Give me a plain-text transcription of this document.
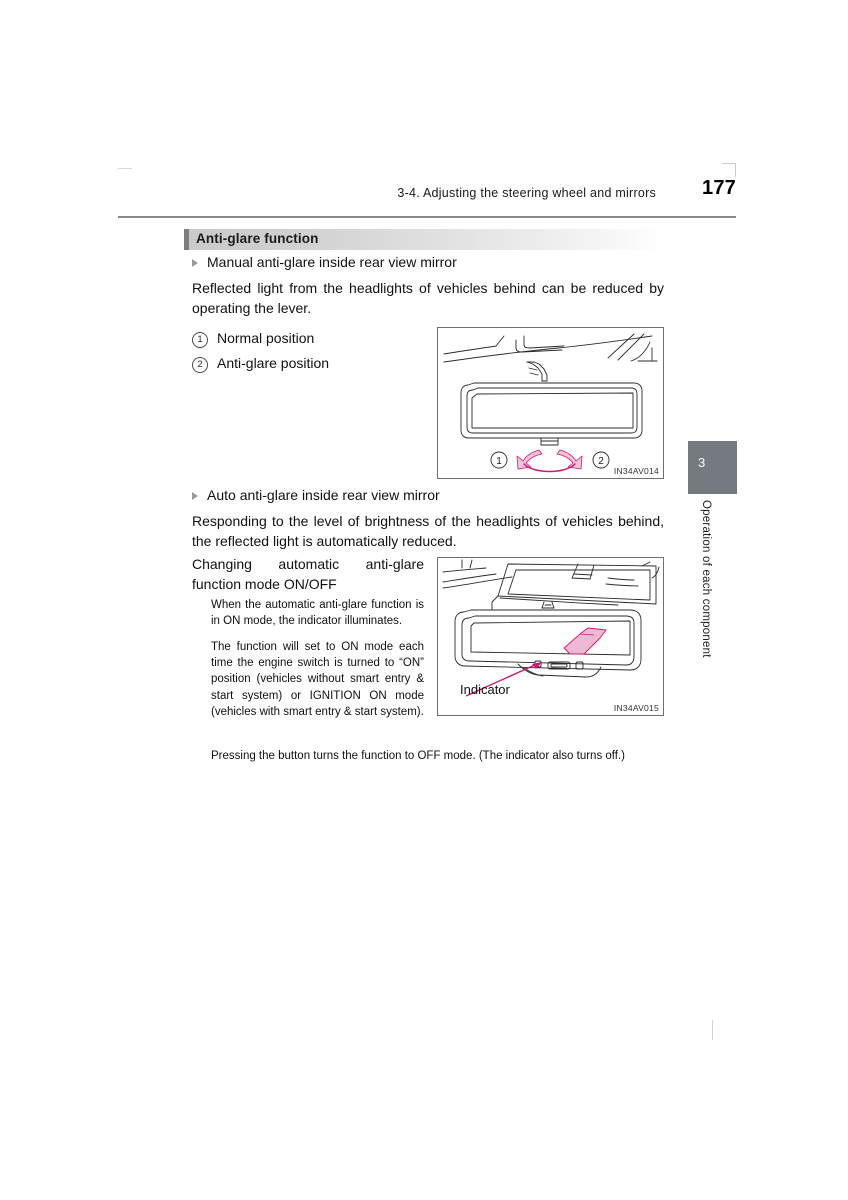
3-4. Adjusting the steering wheel and mirrors 177
Anti-glare function
Manual anti-glare inside rear view mirror

Reflected light from the headlights of vehicles behind can be reduced by operating the lever.

1	Normal position
2	Anti-glare position
1	2
IN34AV014
Auto anti-glare inside rear view mirror

Responding to the level of brightness of the headlights of vehicles behind, the reflected light is automatically reduced.

Changing automatic anti-glare function mode ON/OFF
IN34AV015
Indicator

When the automatic anti-glare function is in ON mode, the indicator illuminates.

The function will set to ON mode each time the engine switch is turned to “ON” position (vehicles without smart entry & start system) or IGNITION ON mode (vehicles with smart entry & start system).

Pressing the button turns the function to OFF mode. (The indicator also turns off.)

3
Operation of each component
